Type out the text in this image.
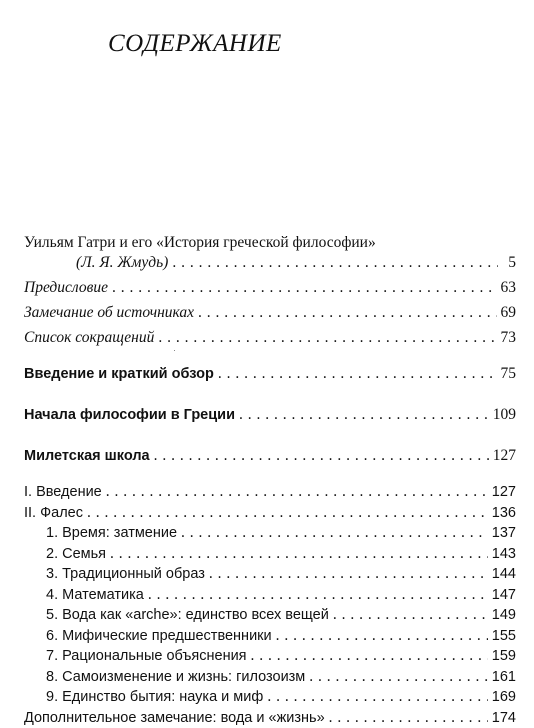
СОДЕРЖАНИЕ
Уильям Гатри и его «История греческой философии»
(Л. Я. Жмудь) . . .	5
Предисловие . . .	63
Замечание об источниках . . .	69
Список сокращений . . .	73
Введение и краткий обзор . . .	75
Начала философии в Греции . . .	109
Милетская школа . . .	127
I. Введение . . .	127
II. Фалес . . .	136
1. Время: затмение . . .	137
2. Семья . . .	143
3. Традиционный образ . . .	144
4. Математика . . .	147
5. Вода как «arche»: единство всех вещей . . .	149
6. Мифические предшественники . . .	155
7. Рациональные объяснения . . .	159
8. Самоизменение и жизнь: гилозоизм . . .	161
9. Единство бытия: наука и миф . . .	169
Дополнительное замечание: вода и «жизнь» . . .	174
